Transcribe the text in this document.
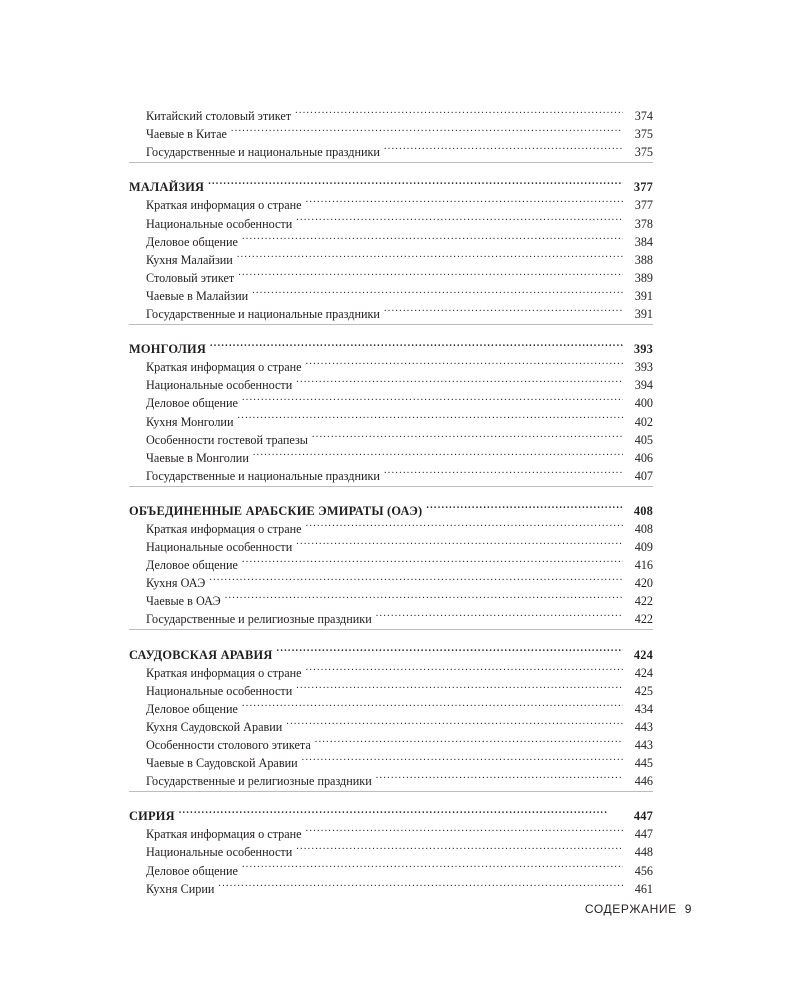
Китайский столовый этикет . . .	374
Чаевые в Китае . . .	375
Государственные и национальные праздники . . .	375
МАЛАЙЗИЯ . . .	377
Краткая информация о стране . . .	377
Национальные особенности . . .	378
Деловое общение . . .	384
Кухня Малайзии . . .	388
Столовый этикет . . .	389
Чаевые в Малайзии . . .	391
Государственные и национальные праздники . . .	391
МОНГОЛИЯ . . .	393
Краткая информация о стране . . .	393
Национальные особенности . . .	394
Деловое общение . . .	400
Кухня Монголии . . .	402
Особенности гостевой трапезы . . .	405
Чаевые в Монголии . . .	406
Государственные и национальные праздники . . .	407
ОБЪЕДИНЕННЫЕ АРАБСКИЕ ЭМИРАТЫ (ОАЭ) . . .	408
Краткая информация о стране . . .	408
Национальные особенности . . .	409
Деловое общение . . .	416
Кухня ОАЭ . . .	420
Чаевые в ОАЭ . . .	422
Государственные и религиозные праздники . . .	422
САУДОВСКАЯ АРАВИЯ . . .	424
Краткая информация о стране . . .	424
Национальные особенности . . .	425
Деловое общение . . .	434
Кухня Саудовской Аравии . . .	443
Особенности столового этикета . . .	443
Чаевые в Саудовской Аравии . . .	445
Государственные и религиозные праздники . . .	446
СИРИЯ . . .	447
Краткая информация о стране . . .	447
Национальные особенности . . .	448
Деловое общение . . .	456
Кухня Сирии . . .	461
СОДЕРЖАНИЕ 9
